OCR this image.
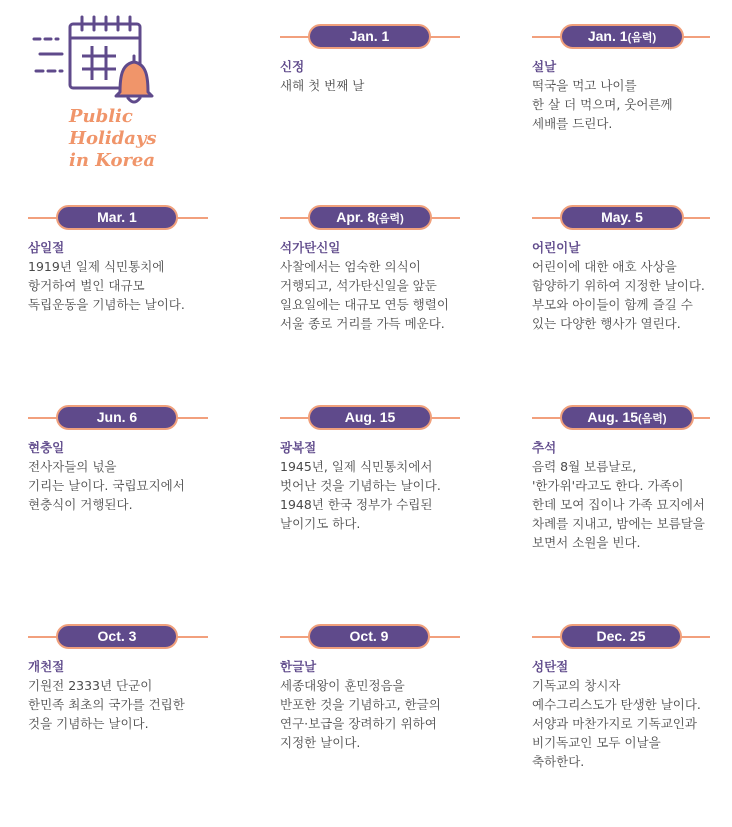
Public
Holidays
in Korea
Jan. 1

신정

새해 첫 번째 날

Jan. 1(음력)

설날

떡국을 먹고 나이를
한 살 더 먹으며, 웃어른께
세배를 드린다.

Mar. 1

삼일절

1919년 일제 식민통치에
항거하여 벌인 대규모
독립운동을 기념하는 날이다.

Apr. 8(음력)

석가탄신일

사찰에서는 엄숙한 의식이
거행되고, 석가탄신일을 앞둔
일요일에는 대규모 연등 행렬이
서울 종로 거리를 가득 메운다.

May. 5

어린이날

어린이에 대한 애호 사상을
함양하기 위하여 지정한 날이다.
부모와 아이들이 함께 즐길 수
있는 다양한 행사가 열린다.

Jun. 6

현충일

전사자들의 넋을
기리는 날이다. 국립묘지에서
현충식이 거행된다.

Aug. 15

광복절

1945년, 일제 식민통치에서
벗어난 것을 기념하는 날이다.
1948년 한국 정부가 수립된
날이기도 하다.

Aug. 15(음력)

추석

음력 8월 보름날로,
'한가위'라고도 한다. 가족이
한데 모여 집이나 가족 묘지에서
차례를 지내고, 밤에는 보름달을
보면서 소원을 빈다.

Oct. 3

개천절

기원전 2333년 단군이
한민족 최초의 국가를 건립한
것을 기념하는 날이다.

Oct. 9

한글날

세종대왕이 훈민정음을
반포한 것을 기념하고, 한글의
연구·보급을 장려하기 위하여
지정한 날이다.

Dec. 25

성탄절

기독교의 창시자
예수그리스도가 탄생한 날이다.
서양과 마찬가지로 기독교인과
비기독교인 모두 이날을
축하한다.
